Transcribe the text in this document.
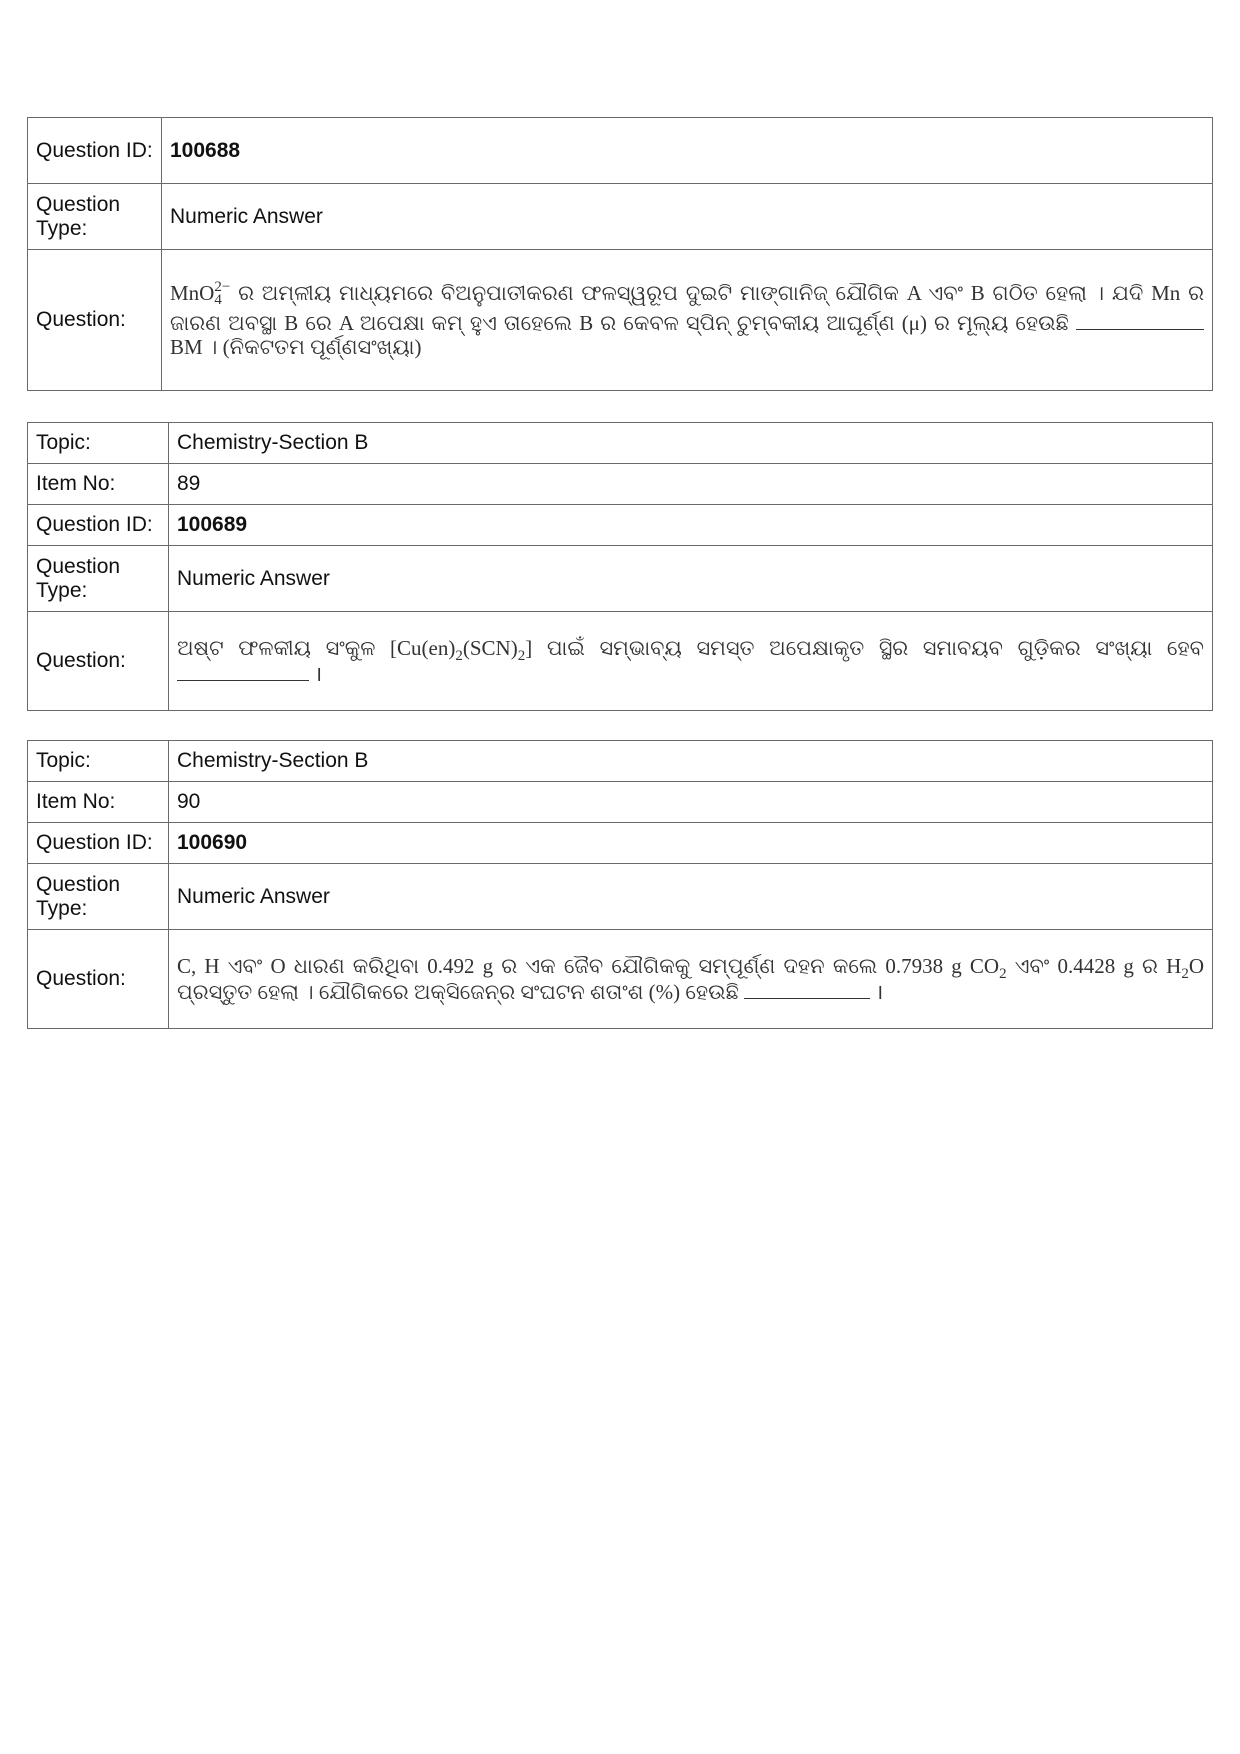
Question ID:	100688
Question Type:	Numeric Answer
Question:	MnO 2−
4 ର ଅମ୍ଳୀୟ ମାଧ୍ୟମରେ ବିଅନୁପାତୀକରଣ ଫଳସ୍ୱରୂପ ଦୁଇଟି ମାଙ୍ଗାନିଜ୍ ଯୌଗିକ A ଏବଂ B ଗଠିତ ହେଲା । ଯଦି Mn ର ଜାରଣ ଅବସ୍ଥା B ରେ A ଅପେକ୍ଷା କମ୍ ହୁଏ ତାହେଲେ B ର କେବଳ ସ୍ପିନ୍ ଚୁମ୍ବକୀୟ ଆଘୂର୍ଣ୍ଣ (μ) ର ମୂଲ୍ୟ ହେଉଛି  BM । (ନିକଟତମ ପୂର୍ଣ୍ଣସଂଖ୍ୟା)
Topic:	Chemistry-Section B
Item No:	89
Question ID:	100689
Question Type:	Numeric Answer
Question:	ଅଷ୍ଟ ଫଳକୀୟ ସଂକୁଳ $[Cu(en)_2(SCN)_2]$ ପାଇଁ ସମ୍ଭାବ୍ୟ ସମସ୍ତ ଅପେକ୍ଷାକୃତ ସ୍ଥିର ସମାବୟବ ଗୁଡ଼ିକର ସଂଖ୍ୟା ହେବ  ।
Topic:	Chemistry-Section B
Item No:	90
Question ID:	100690
Question Type:	Numeric Answer
Question:	C, H ଏବଂ O ଧାରଣ କରିଥିବା 0.492 g ର ଏକ ଜୈବ ଯୌଗିକକୁ ସମ୍ପୂର୍ଣ୍ଣ ଦହନ କଲେ 0.7938 g $CO_2$ ଏବଂ 0.4428 g ର $H_2O$ ପ୍ରସ୍ତୁତ ହେଲା । ଯୌଗିକରେ ଅକ୍ସିଜେନ୍‌ର ସଂଘଟନ ଶତାଂଶ (%) ହେଉଛି ।
